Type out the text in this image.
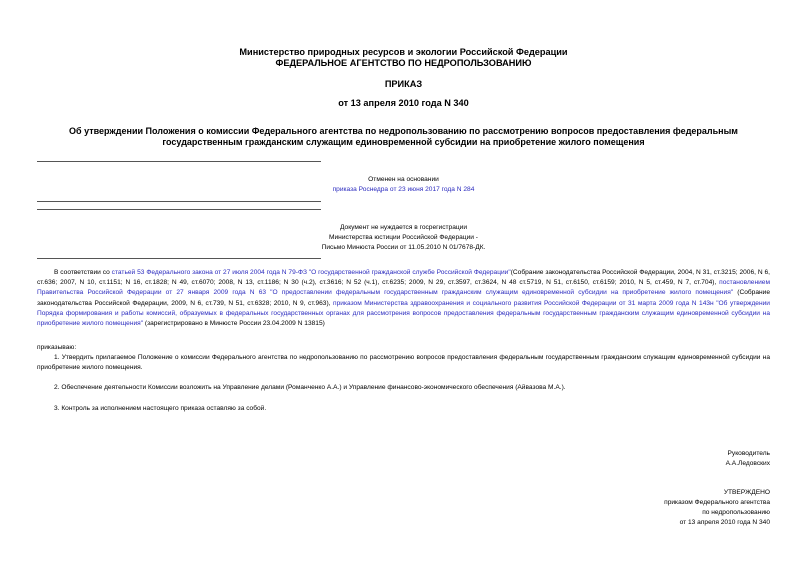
Министерство природных ресурсов и экологии Российской Федерации
ФЕДЕРАЛЬНОЕ АГЕНТСТВО ПО НЕДРОПОЛЬЗОВАНИЮ
ПРИКАЗ
от 13 апреля 2010 года N 340
Об утверждении Положения о комиссии Федерального агентства по недропользованию по рассмотрению вопросов предоставления федеральным
государственным гражданским служащим единовременной субсидии на приобретение жилого помещения
Отменен на основании
приказа Роснедра от 23 июня 2017 года N 284
Документ не нуждается в госрегистрации
Министерства юстиции Российской Федерации -
Письмо Минюста России от 11.05.2010 N 01/7678-ДК.
В соответствии со статьей 53 Федерального закона от 27 июля 2004 года N 79-ФЗ "О государственной гражданской службе Российской Федерации"(Собрание законодательства Российской Федерации, 2004, N 31, ст.3215; 2006, N 6, ст.636; 2007, N 10, ст.1151; N 16, ст.1828; N 49, ст.6070; 2008, N 13, ст.1186; N 30 (ч.2), ст.3616; N 52 (ч.1), ст.6235; 2009, N 29, ст.3597, ст.3624, N 48 ст.5719, N 51, ст.6150, ст.6159; 2010, N 5, ст.459, N 7, ст.704), постановлением Правительства Российской Федерации от 27 января 2009 года N 63 "О предоставлении федеральным государственным гражданским служащим единовременной субсидии на приобретение жилого помещения" (Собрание законодательства Российской Федерации, 2009, N 6, ст.739, N 51, ст.6328; 2010, N 9, ст.963), приказом Министерства здравоохранения и социального развития Российской Федерации от 31 марта 2009 года N 143н "Об утверждении Порядка формирования и работы комиссий, образуемых в федеральных государственных органах для рассмотрения вопросов предоставления федеральным государственным гражданским служащим единовременной субсидии на приобретение жилого помещения" (зарегистрировано в Минюсте России 23.04.2009 N 13815)
приказываю:
1. Утвердить прилагаемое Положение о комиссии Федерального агентства по недропользованию по рассмотрению вопросов предоставления федеральным государственным гражданским служащим единовременной субсидии на приобретение жилого помещения.
2. Обеспечение деятельности Комиссии возложить на Управление делами (Романченко А.А.) и Управление финансово-экономического обеспечения (Айвазова М.А.).
3. Контроль за исполнением настоящего приказа оставляю за собой.
Руководитель
А.А.Ледовских
УТВЕРЖДЕНО
приказом Федерального агентства
по недропользованию
от 13 апреля 2010 года N 340
